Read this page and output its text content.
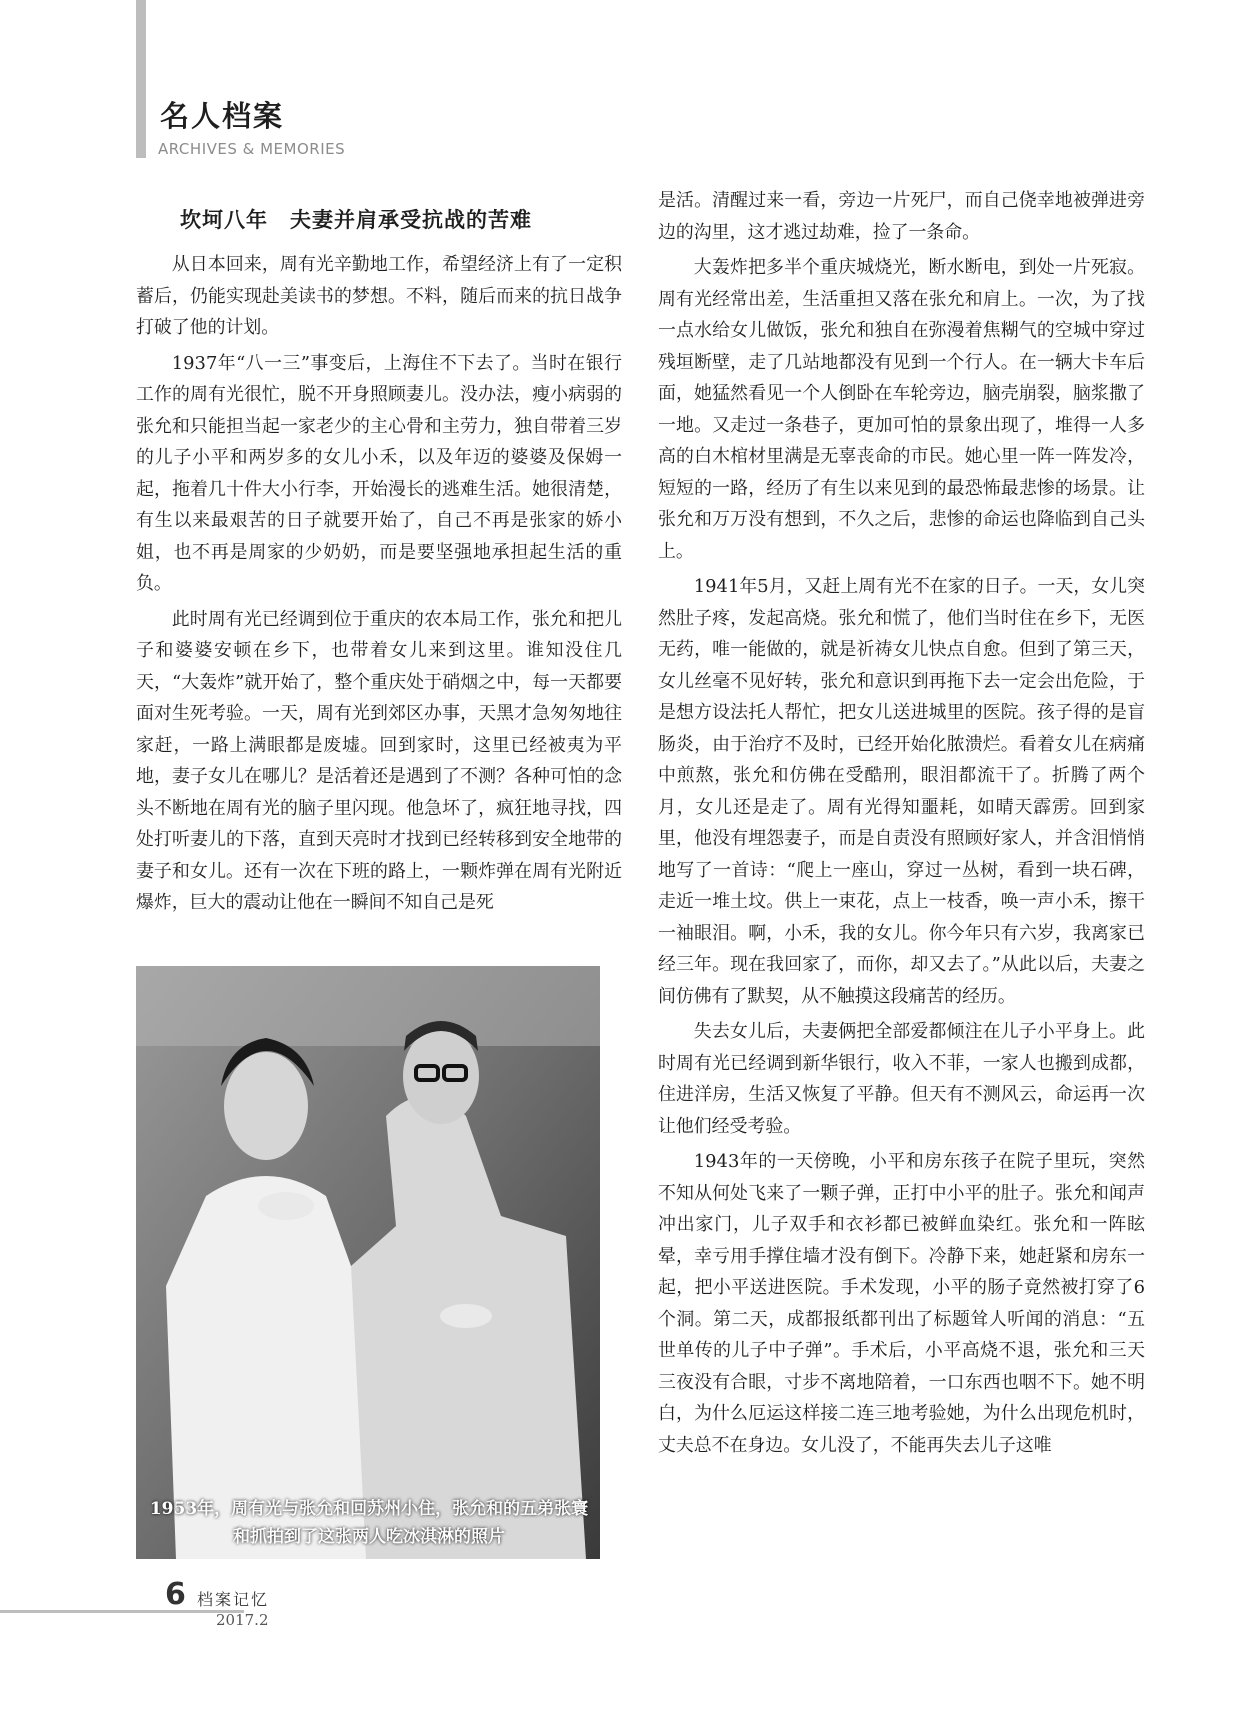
名人档案
ARCHIVES & MEMORIES
坎坷八年　夫妻并肩承受抗战的苦难

从日本回来，周有光辛勤地工作，希望经济上有了一定积蓄后，仍能实现赴美读书的梦想。不料，随后而来的抗日战争打破了他的计划。

1937年“八一三”事变后，上海住不下去了。当时在银行工作的周有光很忙，脱不开身照顾妻儿。没办法，瘦小病弱的张允和只能担当起一家老少的主心骨和主劳力，独自带着三岁的儿子小平和两岁多的女儿小禾，以及年迈的婆婆及保姆一起，拖着几十件大小行李，开始漫长的逃难生活。她很清楚，有生以来最艰苦的日子就要开始了，自己不再是张家的娇小姐，也不再是周家的少奶奶，而是要坚强地承担起生活的重负。

此时周有光已经调到位于重庆的农本局工作，张允和把儿子和婆婆安顿在乡下，也带着女儿来到这里。谁知没住几天，“大轰炸”就开始了，整个重庆处于硝烟之中，每一天都要面对生死考验。一天，周有光到郊区办事，天黑才急匆匆地往家赶，一路上满眼都是废墟。回到家时，这里已经被夷为平地，妻子女儿在哪儿？是活着还是遇到了不测？各种可怕的念头不断地在周有光的脑子里闪现。他急坏了，疯狂地寻找，四处打听妻儿的下落，直到天亮时才找到已经转移到安全地带的妻子和女儿。还有一次在下班的路上，一颗炸弹在周有光附近爆炸，巨大的震动让他在一瞬间不知自己是死

1953年，周有光与张允和回苏州小住，张允和的五弟张寰和抓拍到了这张两人吃冰淇淋的照片

是活。清醒过来一看，旁边一片死尸，而自己侥幸地被弹进旁边的沟里，这才逃过劫难，捡了一条命。

大轰炸把多半个重庆城烧光，断水断电，到处一片死寂。周有光经常出差，生活重担又落在张允和肩上。一次，为了找一点水给女儿做饭，张允和独自在弥漫着焦糊气的空城中穿过残垣断壁，走了几站地都没有见到一个行人。在一辆大卡车后面，她猛然看见一个人倒卧在车轮旁边，脑壳崩裂，脑浆撒了一地。又走过一条巷子，更加可怕的景象出现了，堆得一人多高的白木棺材里满是无辜丧命的市民。她心里一阵一阵发冷，短短的一路，经历了有生以来见到的最恐怖最悲惨的场景。让张允和万万没有想到，不久之后，悲惨的命运也降临到自己头上。

1941年5月，又赶上周有光不在家的日子。一天，女儿突然肚子疼，发起高烧。张允和慌了，他们当时住在乡下，无医无药，唯一能做的，就是祈祷女儿快点自愈。但到了第三天，女儿丝毫不见好转，张允和意识到再拖下去一定会出危险，于是想方设法托人帮忙，把女儿送进城里的医院。孩子得的是盲肠炎，由于治疗不及时，已经开始化脓溃烂。看着女儿在病痛中煎熬，张允和仿佛在受酷刑，眼泪都流干了。折腾了两个月，女儿还是走了。周有光得知噩耗，如晴天霹雳。回到家里，他没有埋怨妻子，而是自责没有照顾好家人，并含泪悄悄地写了一首诗：“爬上一座山，穿过一丛树，看到一块石碑，走近一堆土坟。供上一束花，点上一枝香，唤一声小禾，擦干一袖眼泪。啊，小禾，我的女儿。你今年只有六岁，我离家已经三年。现在我回家了，而你，却又去了。”从此以后，夫妻之间仿佛有了默契，从不触摸这段痛苦的经历。

失去女儿后，夫妻俩把全部爱都倾注在儿子小平身上。此时周有光已经调到新华银行，收入不菲，一家人也搬到成都，住进洋房，生活又恢复了平静。但天有不测风云，命运再一次让他们经受考验。

1943年的一天傍晚，小平和房东孩子在院子里玩，突然不知从何处飞来了一颗子弹，正打中小平的肚子。张允和闻声冲出家门，儿子双手和衣衫都已被鲜血染红。张允和一阵眩晕，幸亏用手撑住墙才没有倒下。冷静下来，她赶紧和房东一起，把小平送进医院。手术发现，小平的肠子竟然被打穿了6个洞。第二天，成都报纸都刊出了标题耸人听闻的消息：“五世单传的儿子中子弹”。手术后，小平高烧不退，张允和三天三夜没有合眼，寸步不离地陪着，一口东西也咽不下。她不明白，为什么厄运这样接二连三地考验她，为什么出现危机时，丈夫总不在身边。女儿没了，不能再失去儿子这唯

6 档案记忆
2017.2
